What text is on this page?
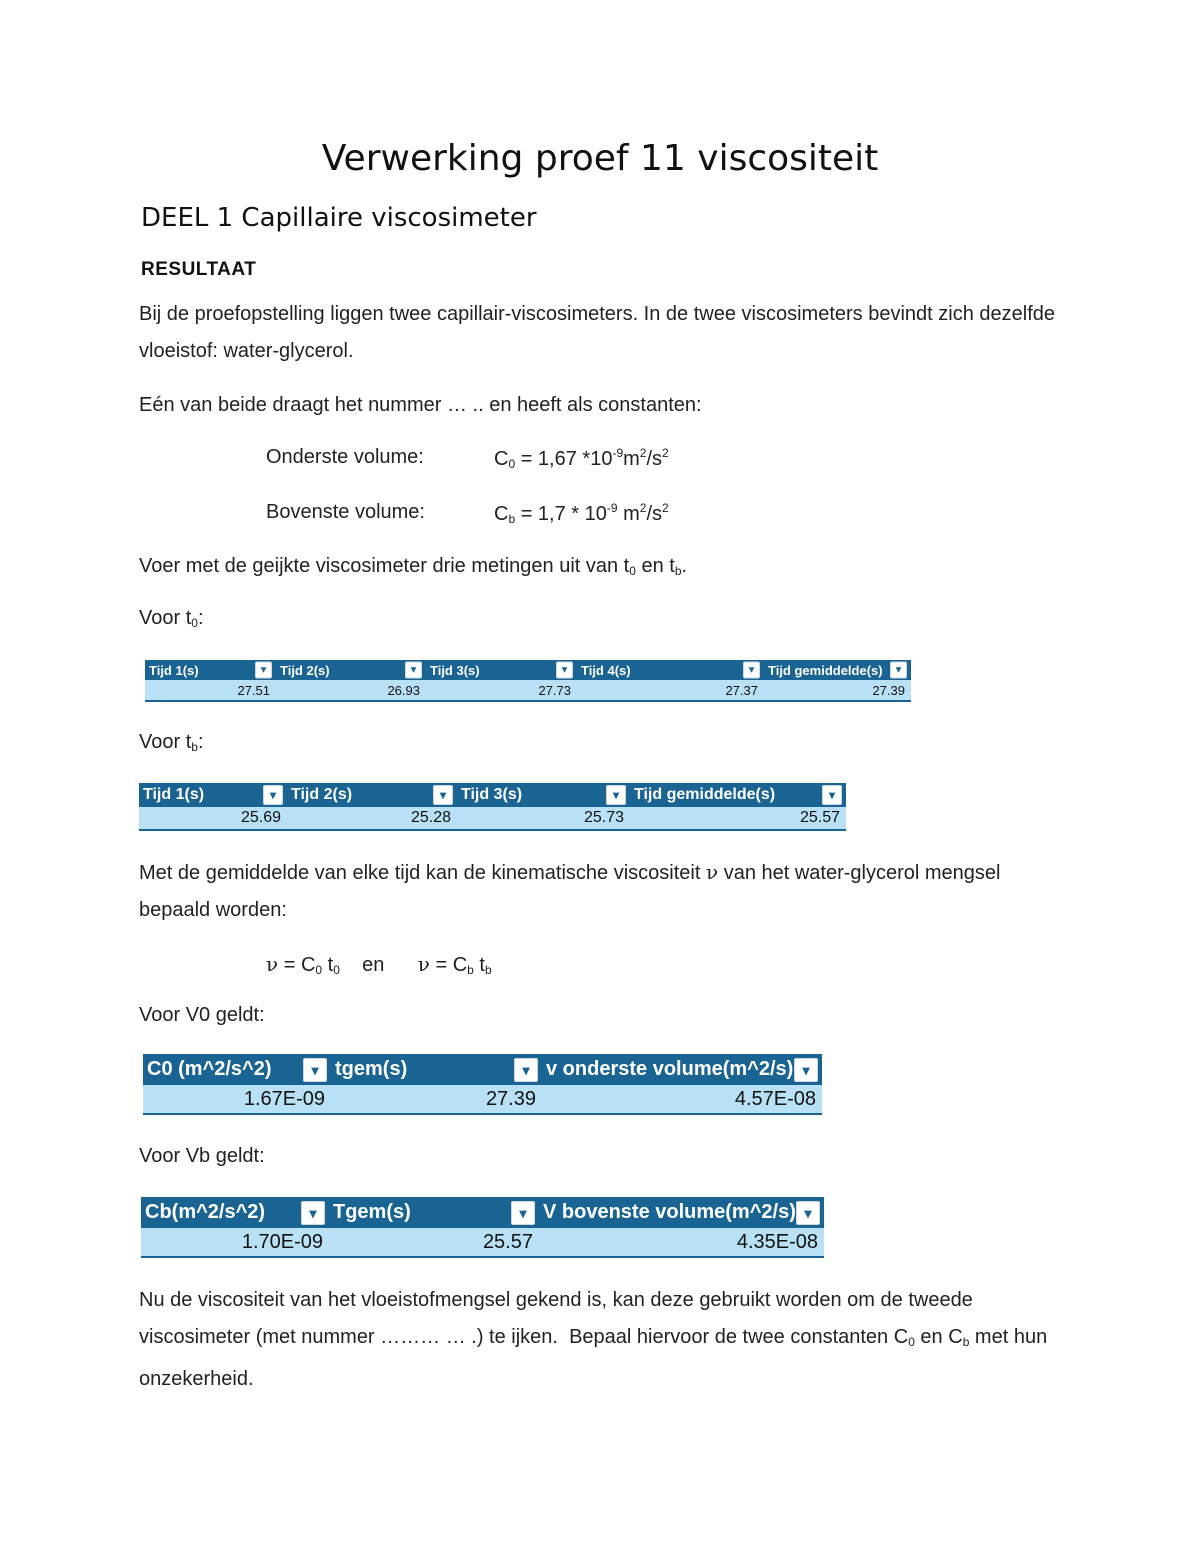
Verwerking proef 11 viscositeit
DEEL 1 Capillaire viscosimeter
RESULTAAT
Bij de proefopstelling liggen twee capillair-viscosimeters. In de twee viscosimeters bevindt zich dezelfde vloeistof: water-glycerol.
Eén van beide draagt het nummer … .. en heeft als constanten:
Onderste volume:	$C_0 = 1,67$ $*10^{-9}m^2/s^2$
Bovenste volume:	$C_b = 1,7 * 10^{-9}$ $m^2/s^2$
Voer met de geijkte viscosimeter drie metingen uit van $t_0$ en $t_b$.
Voor $t_0$:
Tijd 1(s) ▾	Tijd 2(s) ▾	Tijd 3(s) ▾	Tijd 4(s) ▾	Tijd gemiddelde(s) ▾

27.51	26.93	27.73	27.37	27.39
Voor $t_b$:
Tijd 1(s) ▾	Tijd 2(s) ▾	Tijd 3(s) ▾	Tijd gemiddelde(s) ▾

25.69	25.28	25.73	25.57
Met de gemiddelde van elke tijd kan de kinematische viscositeit ν van het water-glycerol mengsel bepaald worden:
$\nu = C_0$ $t_0$    en      $\nu = C_b$ $t_b$
Voor V0 geldt:
C0 (m^2/s^2) ▾	tgem(s) ▾	v onderste volume(m^2/s) ▾

1.67E-09	27.39	4.57E-08
Voor Vb geldt:
Cb(m^2/s^2) ▾	Tgem(s) ▾	V bovenste volume(m^2/s) ▾

1.70E-09	25.57	4.35E-08
Nu de viscositeit van het vloeistofmengsel gekend is, kan deze gebruikt worden om de tweede viscosimeter (met nummer ……… … .) te ijken.  Bepaal hiervoor de twee constanten $C_0$ en $C_b$ met hun onzekerheid.
